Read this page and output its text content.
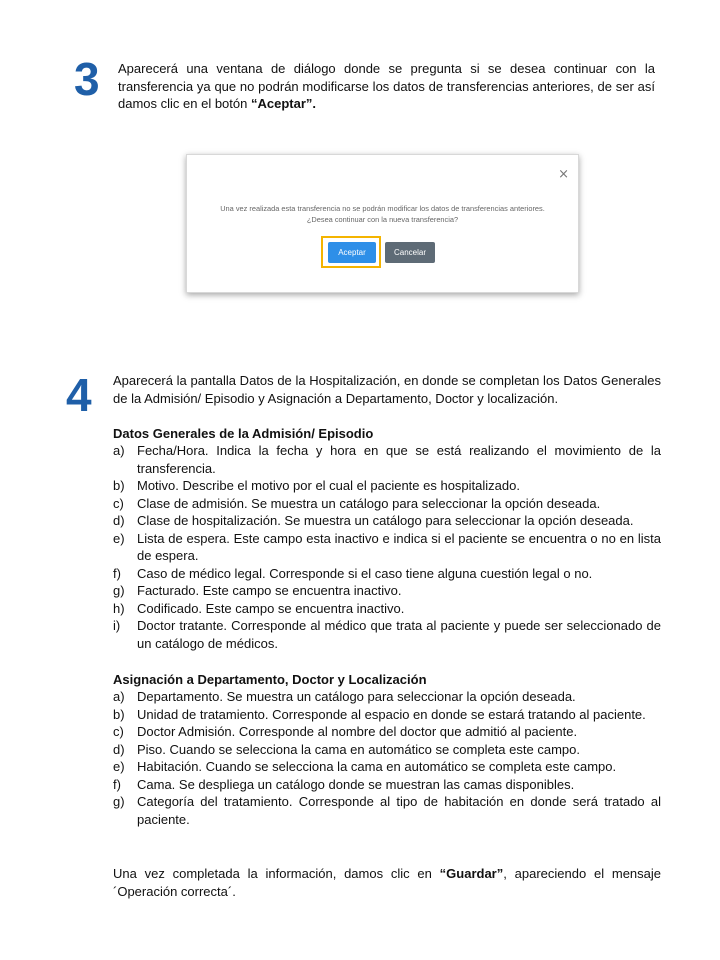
3 Aparecerá una ventana de diálogo donde se pregunta si se desea continuar con la transferencia ya que no podrán modificarse los datos de transferencias anteriores, de ser así damos clic en el botón “Aceptar”.
×
Una vez realizada esta transferencia no se podrán modificar los datos de transferencias anteriores. ¿Desea continuar con la nueva transferencia?
Aceptar	Cancelar
4 Aparecerá la pantalla Datos de la Hospitalización, en donde se completan los Datos Generales de la Admisión/ Episodio y Asignación a Departamento, Doctor y localización.
Datos Generales de la Admisión/ Episodio
a) Fecha/Hora. Indica la fecha y hora en que se está realizando el movimiento de la transferencia.
b) Motivo. Describe el motivo por el cual el paciente es hospitalizado.
c) Clase de admisión. Se muestra un catálogo para seleccionar la opción deseada.
d) Clase de hospitalización. Se muestra un catálogo para seleccionar la opción deseada.
e) Lista de espera. Este campo esta inactivo e indica si el paciente se encuentra o no en lista de espera.
f) Caso de médico legal. Corresponde si el caso tiene alguna cuestión legal o no.
g) Facturado. Este campo se encuentra inactivo.
h) Codificado. Este campo se encuentra inactivo.
i) Doctor tratante. Corresponde al médico que trata al paciente y puede ser seleccionado de un catálogo de médicos.
Asignación a Departamento, Doctor y Localización
a) Departamento. Se muestra un catálogo para seleccionar la opción deseada.
b) Unidad de tratamiento. Corresponde al espacio en donde se estará tratando al paciente.
c) Doctor Admisión. Corresponde al nombre del doctor que admitió al paciente.
d) Piso. Cuando se selecciona la cama en automático se completa este campo.
e) Habitación. Cuando se selecciona la cama en automático se completa este campo.
f) Cama. Se despliega un catálogo donde se muestran las camas disponibles.
g) Categoría del tratamiento. Corresponde al tipo de habitación en donde será tratado al paciente.
Una vez completada la información, damos clic en “Guardar”, apareciendo el mensaje ´Operación correcta´.
